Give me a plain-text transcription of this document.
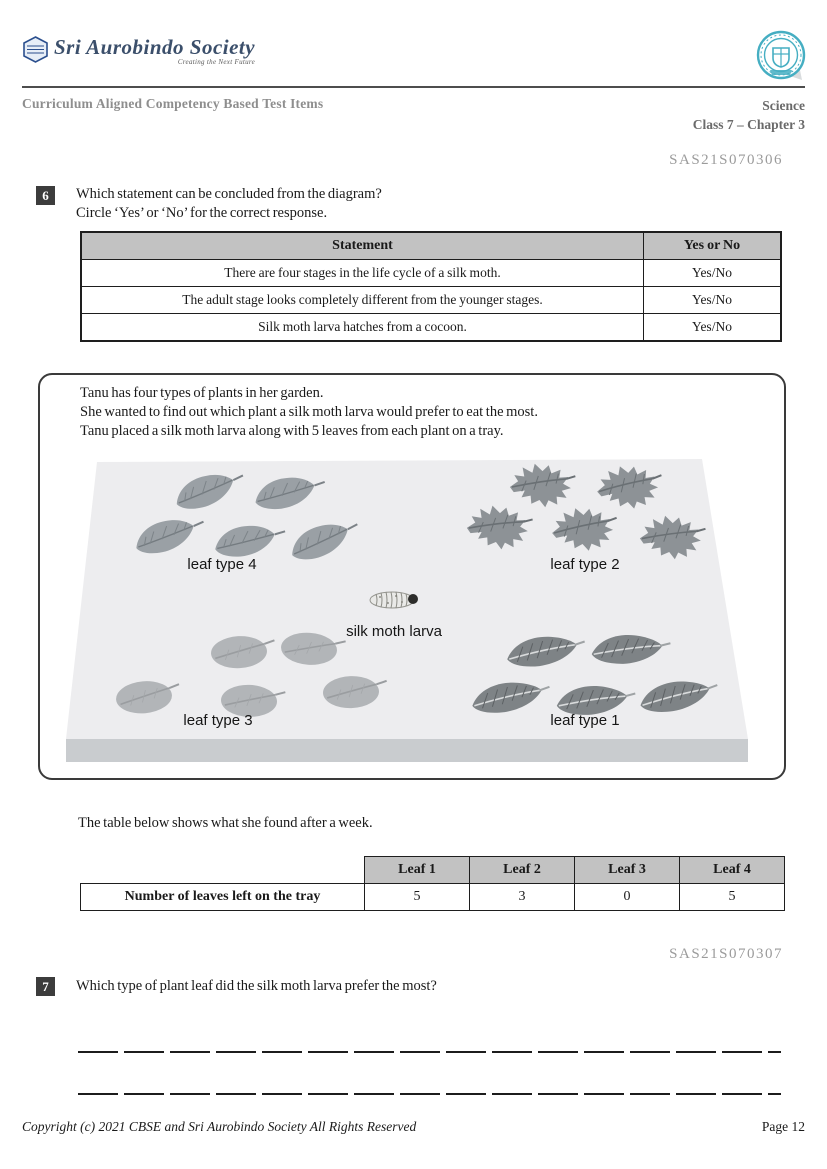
Sri Aurobindo Society
Creating the Next Future
Curriculum Aligned Competency Based Test Items	Science
Class 7 – Chapter 3
SAS21S070306
6	Which statement can be concluded from the diagram?
Circle ‘Yes’ or ‘No’ for the correct response.
Statement	Yes or No
There are four stages in the life cycle of a silk moth.	Yes/No
The adult stage looks completely different from the younger stages.	Yes/No
Silk moth larva hatches from a cocoon.	Yes/No
Tanu has four types of plants in her garden.
She wanted to find out which plant a silk moth larva would prefer to eat the most.
Tanu placed a silk moth larva along with 5 leaves from each plant on a tray.
leaf type 4	leaf type 2
silk moth larva
leaf type 3	leaf type 1
The table below shows what she found after a week.
	Leaf 1	Leaf 2	Leaf 3	Leaf 4
Number of leaves left on the tray	5	3	0	5
SAS21S070307
7	Which type of plant leaf did the silk moth larva prefer the most?
Copyright (c) 2021 CBSE and Sri Aurobindo Society All Rights Reserved	Page 12
